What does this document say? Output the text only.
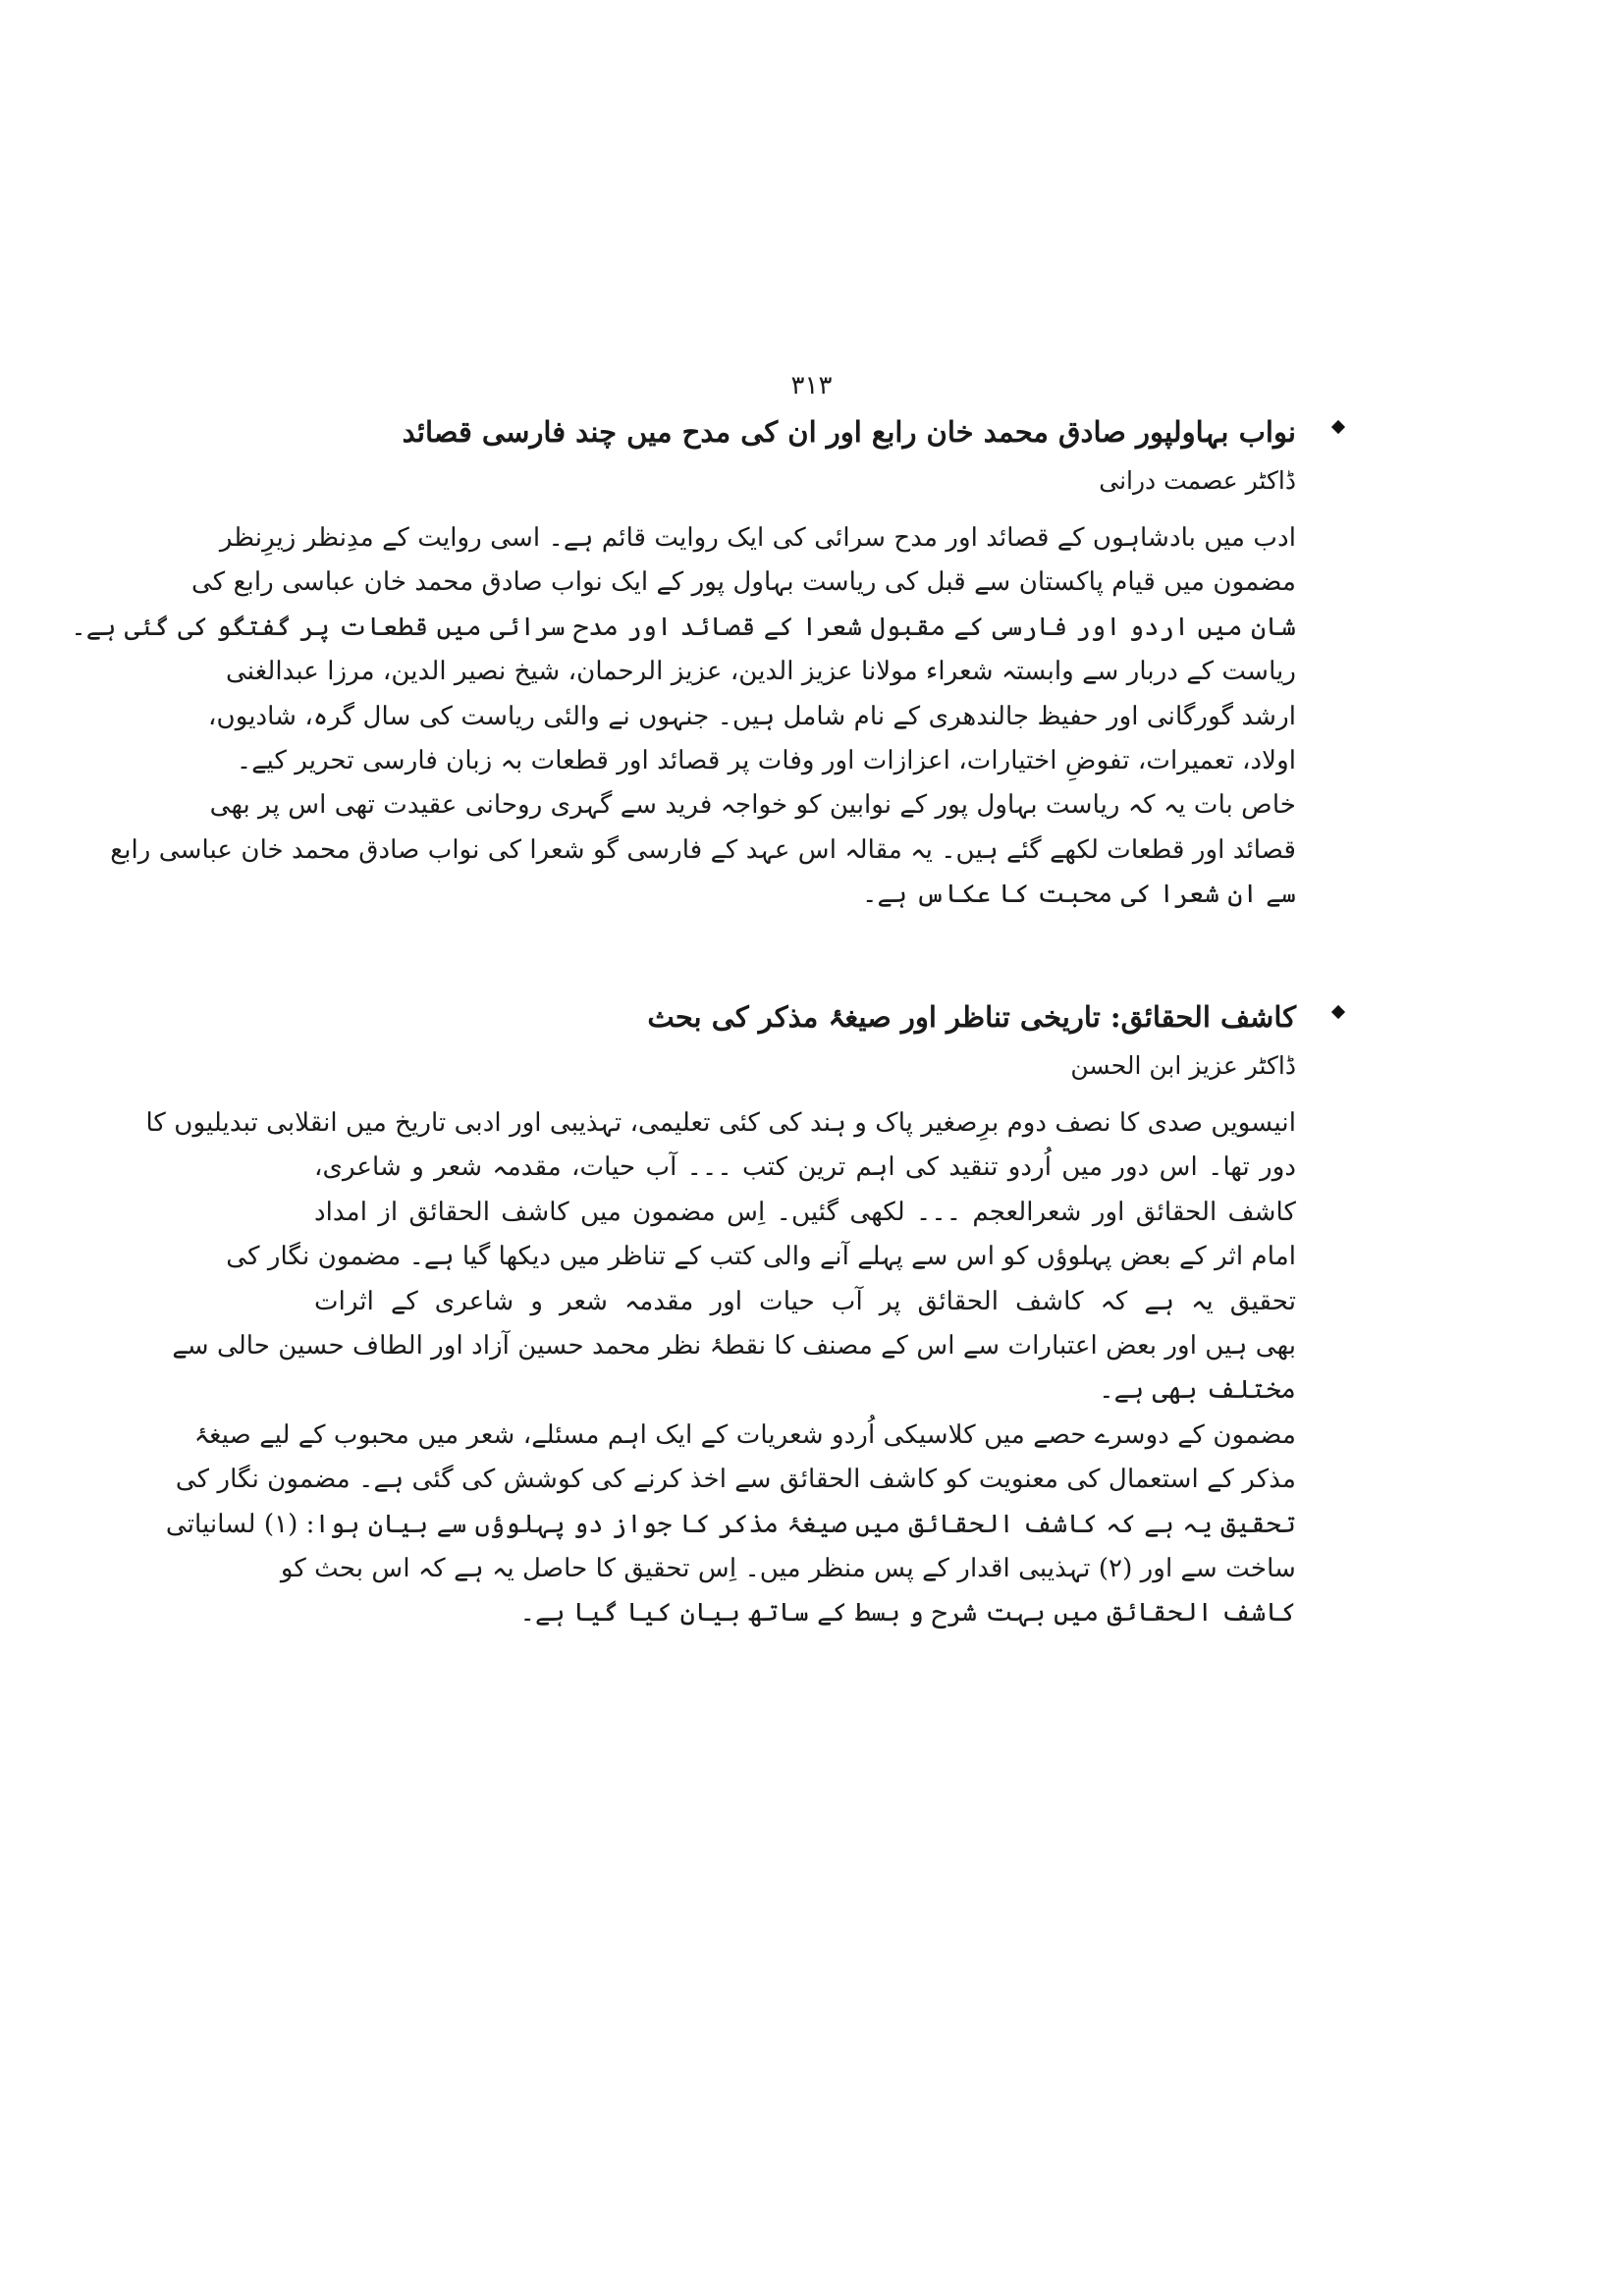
۳۱۳
نواب بہاولپور صادق محمد خان رابع اور ان کی مدح میں چند فارسی قصائد
ڈاکٹر عصمت درانی

ادب میں بادشاہوں کے قصائد اور مدح سرائی کی ایک روایت قائم ہے۔ اسی روایت کے مدِنظر زیرِنظر
مضمون میں قیام پاکستان سے قبل کی ریاست بہاول پور کے ایک نواب صادق محمد خان عباسی رابع کی
شان میں اردو اور فارسی کے مقبول شعرا کے قصائد اور مدح سرائی میں قطعات پر گفتگو کی گئی ہے۔
ریاست کے دربار سے وابستہ شعراء مولانا عزیز الدین، عزیز الرحمان، شیخ نصیر الدین، مرزا عبدالغنی
ارشد گورگانی اور حفیظ جالندھری کے نام شامل ہیں۔ جنہوں نے والئی ریاست کی سال گرہ، شادیوں،
اولاد، تعمیرات، تفوضِ اختیارات، اعزازات اور وفات پر قصائد اور قطعات بہ زبان فارسی تحریر کیے۔
خاص بات یہ کہ ریاست بہاول پور کے نوابین کو خواجہ فرید سے گہری روحانی عقیدت تھی اس پر بھی
قصائد اور قطعات لکھے گئے ہیں۔ یہ مقالہ اس عہد کے فارسی گو شعرا کی نواب صادق محمد خان عباسی رابع
سے ان شعرا کی محبت کا عکاس ہے۔

کاشف الحقائق: تاریخی تناظر اور صیغۂ مذکر کی بحث
ڈاکٹر عزیز ابن الحسن

انیسویں صدی کا نصف دوم برِصغیر پاک و ہند کی کئی تعلیمی، تہذیبی اور ادبی تاریخ میں انقلابی تبدیلیوں کا
دور تھا۔ اس دور میں اُردو تنقید کی اہم ترین کتب ۔۔۔ آب حیات، مقدمہ شعر و شاعری،
کاشف الحقائق اور شعرالعجم ۔۔۔ لکھی گئیں۔ اِس مضمون میں کاشف الحقائق از امداد
امام اثر کے بعض پہلوؤں کو اس سے پہلے آنے والی کتب کے تناظر میں دیکھا گیا ہے۔ مضمون نگار کی
تحقیق یہ ہے کہ کاشف الحقائق پر آب حیات اور مقدمہ شعر و شاعری کے اثرات
بھی ہیں اور بعض اعتبارات سے اس کے مصنف کا نقطۂ نظر محمد حسین آزاد اور الطاف حسین حالی سے
مختلف بھی ہے۔
مضمون کے دوسرے حصے میں کلاسیکی اُردو شعریات کے ایک اہم مسئلے، شعر میں محبوب کے لیے صیغۂ
مذکر کے استعمال کی معنویت کو کاشف الحقائق سے اخذ کرنے کی کوشش کی گئی ہے۔ مضمون نگار کی
تحقیق یہ ہے کہ کاشف الحقائق میں صیغۂ مذکر کا جواز دو پہلوؤں سے بیان ہوا: (۱) لسانیاتی
ساخت سے اور (۲) تہذیبی اقدار کے پس منظر میں۔ اِس تحقیق کا حاصل یہ ہے کہ اس بحث کو
کاشف الحقائق میں بہت شرح و بسط کے ساتھ بیان کیا گیا ہے۔
